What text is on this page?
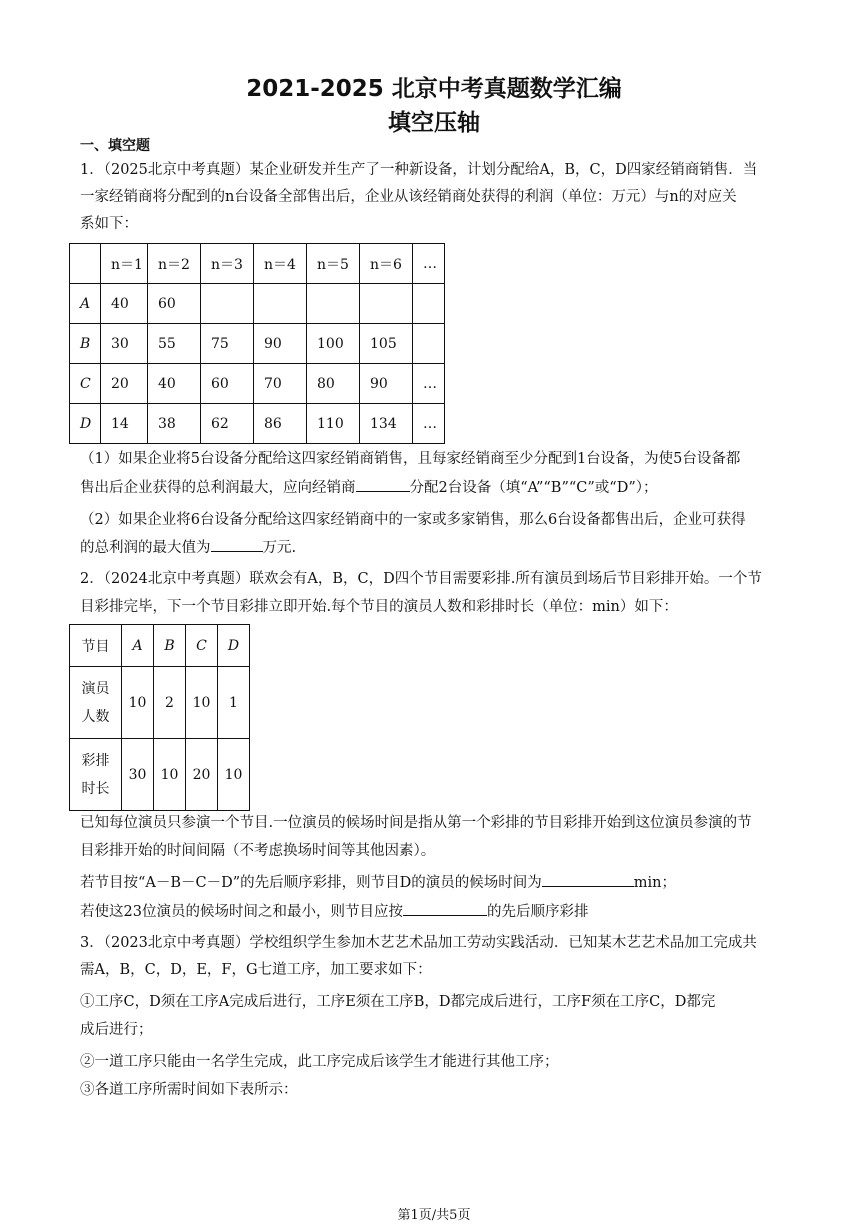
2021-2025 北京中考真题数学汇编
填空压轴
一、填空题
1．（2025北京中考真题）某企业研发并生产了一种新设备，计划分配给A，B，C，D四家经销商销售．当
一家经销商将分配到的n台设备全部售出后，企业从该经销商处获得的利润（单位：万元）与n的对应关
系如下：
	n＝1	n＝2	n＝3	n＝4	n＝5	n＝6	…
A	40	60					
B	30	55	75	90	100	105	
C	20	40	60	70	80	90	…
D	14	38	62	86	110	134	…
（1）如果企业将5台设备分配给这四家经销商销售，且每家经销商至少分配到1台设备，为使5台设备都
售出后企业获得的总利润最大，应向经销商	分配2台设备（填“A”“B”“C”或“D”）；
（2）如果企业将6台设备分配给这四家经销商中的一家或多家销售，那么6台设备都售出后，企业可获得
的总利润的最大值为	万元.
2．（2024北京中考真题）联欢会有A，B，C，D四个节目需要彩排.所有演员到场后节目彩排开始。一个节
目彩排完毕，下一个节目彩排立即开始.每个节目的演员人数和彩排时长（单位：min）如下：
节目	A	B	C	D
演员
人数	10	2	10	1
彩排
时长	30	10	20	10
已知每位演员只参演一个节目.一位演员的候场时间是指从第一个彩排的节目彩排开始到这位演员参演的节
目彩排开始的时间间隔（不考虑换场时间等其他因素）。
若节目按“A－B－C－D”的先后顺序彩排，则节目D的演员的候场时间为	min；
若使这23位演员的候场时间之和最小，则节目应按	的先后顺序彩排
3．（2023北京中考真题）学校组织学生参加木艺艺术品加工劳动实践活动．已知某木艺艺术品加工完成共
需A，B，C，D，E，F，G七道工序，加工要求如下：
①工序C，D须在工序A完成后进行，工序E须在工序B，D都完成后进行，工序F须在工序C，D都完
成后进行；
②一道工序只能由一名学生完成，此工序完成后该学生才能进行其他工序；
③各道工序所需时间如下表所示：
第1页/共5页
